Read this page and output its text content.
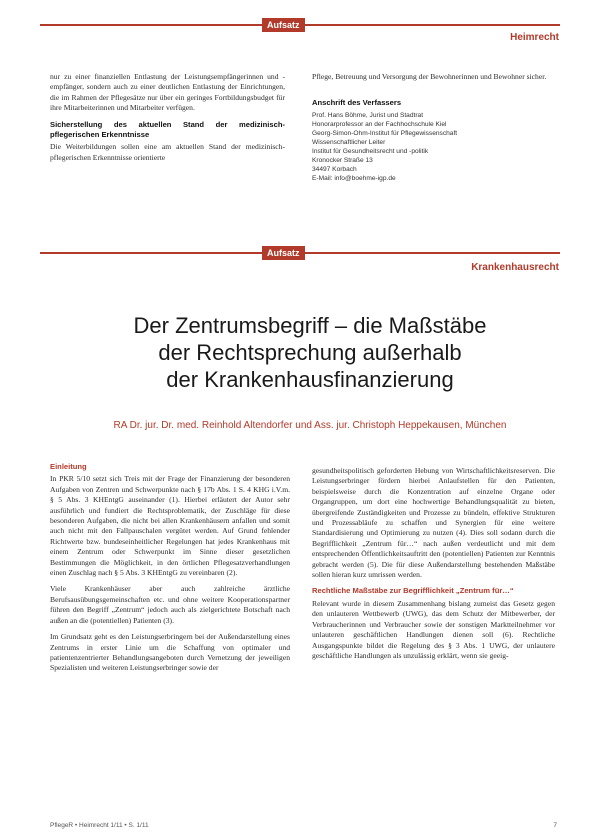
Aufsatz
Heimrecht

nur zu einer finanziellen Entlastung der Leistungsempfängerinnen und -empfänger, sondern auch zu einer deutlichen Entlastung der Einrichtungen, die im Rahmen der Pflegesätze nur über ein geringes Fortbildungsbudget für ihre Mitarbeiterinnen und Mitarbeiter verfügen.

Sicherstellung des aktuellen Stand der medizinisch-pflegerischen Erkenntnisse

Die Weiterbildungen sollen eine am aktuellen Stand der medizinisch-pflegerischen Erkenntnisse orientierte

Pflege, Betreuung und Versorgung der Bewohnerinnen und Bewohner sicher.

Anschrift des Verfassers
Prof. Hans Böhme, Jurist und Stadtrat
Honorarprofessor an der Fachhochschule Kiel
Georg-Simon-Ohm-Institut für Pflegewissenschaft
Wissenschaftlicher Leiter
Institut für Gesundheitsrecht und -politik
Kronocker Straße 13
34497 Korbach
E-Mail: info@boehme-igp.de
Aufsatz
Krankenhausrecht
Der Zentrumsbegriff – die Maßstäbe
der Rechtsprechung außerhalb
der Krankenhausfinanzierung
RA Dr. jur. Dr. med. Reinhold Altendorfer und Ass. jur. Christoph Heppekausen, München
Einleitung

In PKR 5/10 setzt sich Treis mit der Frage der Finanzierung der besonderen Aufgaben von Zentren und Schwerpunkte nach § 17b Abs. 1 S. 4 KHG i.V.m. § 5 Abs. 3 KHEntgG auseinander (1). Hierbei erläutert der Autor sehr ausführlich und fundiert die Rechtsproblematik, der Zuschläge für diese besonderen Aufgaben, die nicht bei allen Krankenhäusern anfallen und somit auch nicht mit den Fallpauschalen vergütet werden. Auf Grund fehlender Richtwerte bzw. bundeseinheitlicher Regelungen hat jedes Krankenhaus mit einem Zentrum oder Schwerpunkt im Sinne dieser gesetzlichen Bestimmungen die Möglichkeit, in den örtlichen Pflegesatzverhandlungen einen Zuschlag nach § 5 Abs. 3 KHEntgG zu vereinbaren (2).

Viele Krankenhäuser aber auch zahlreiche ärztliche Berufsausübungsgemeinschaften etc. und ohne weitere Kooperationspartner führen den Begriff „Zentrum“ jedoch auch als zielgerichtete Botschaft nach außen an die (potentiellen) Patienten (3).

Im Grundsatz geht es den Leistungserbringern bei der Außendarstellung eines Zentrums in erster Linie um die Schaffung von optimaler und patientenzentrierter Behandlungsangeboten durch Vernetzung der jeweiligen Spezialisten und weiteren Leistungserbringer sowie der

gesundheitspolitisch geforderten Hebung von Wirtschaftlichkeitsreserven. Die Leistungserbringer fördern hierbei Anlaufstellen für den Patienten, beispielsweise durch die Konzentration auf einzelne Organe oder Organgruppen, um dort eine hochwertige Behandlungsqualität zu bieten, übergreifende Zuständigkeiten und Prozesse zu bündeln, effektive Strukturen und Prozessabläufe zu schaffen und Synergien für eine weitere Standardisierung und Optimierung zu nutzen (4). Dies soll sodann durch die Begrifflichkeit „Zentrum für…“ nach außen verdeutlicht und mit dem entsprechenden Öffentlichkeitsauftritt den (potentiellen) Patienten zur Kenntnis gebracht werden (5). Die für diese Außendarstellung bestehenden Maßstäbe sollen hieran kurz umrissen werden.

Rechtliche Maßstäbe zur Begrifflichkeit „Zentrum für…“

Relevant wurde in diesem Zusammenhang bislang zumeist das Gesetz gegen den unlauteren Wettbewerb (UWG), das dem Schutz der Mitbewerber, der Verbraucherinnen und Verbraucher sowie der sonstigen Marktteilnehmer vor unlauteren geschäftlichen Handlungen dienen soll (6). Rechtliche Ausgangspunkte bildet die Regelung des § 3 Abs. 1 UWG, der unlautere geschäftliche Handlungen als unzulässig erklärt, wenn sie geeig-

PflegeR • Heimrecht 1/11 • S. 1/11	7
